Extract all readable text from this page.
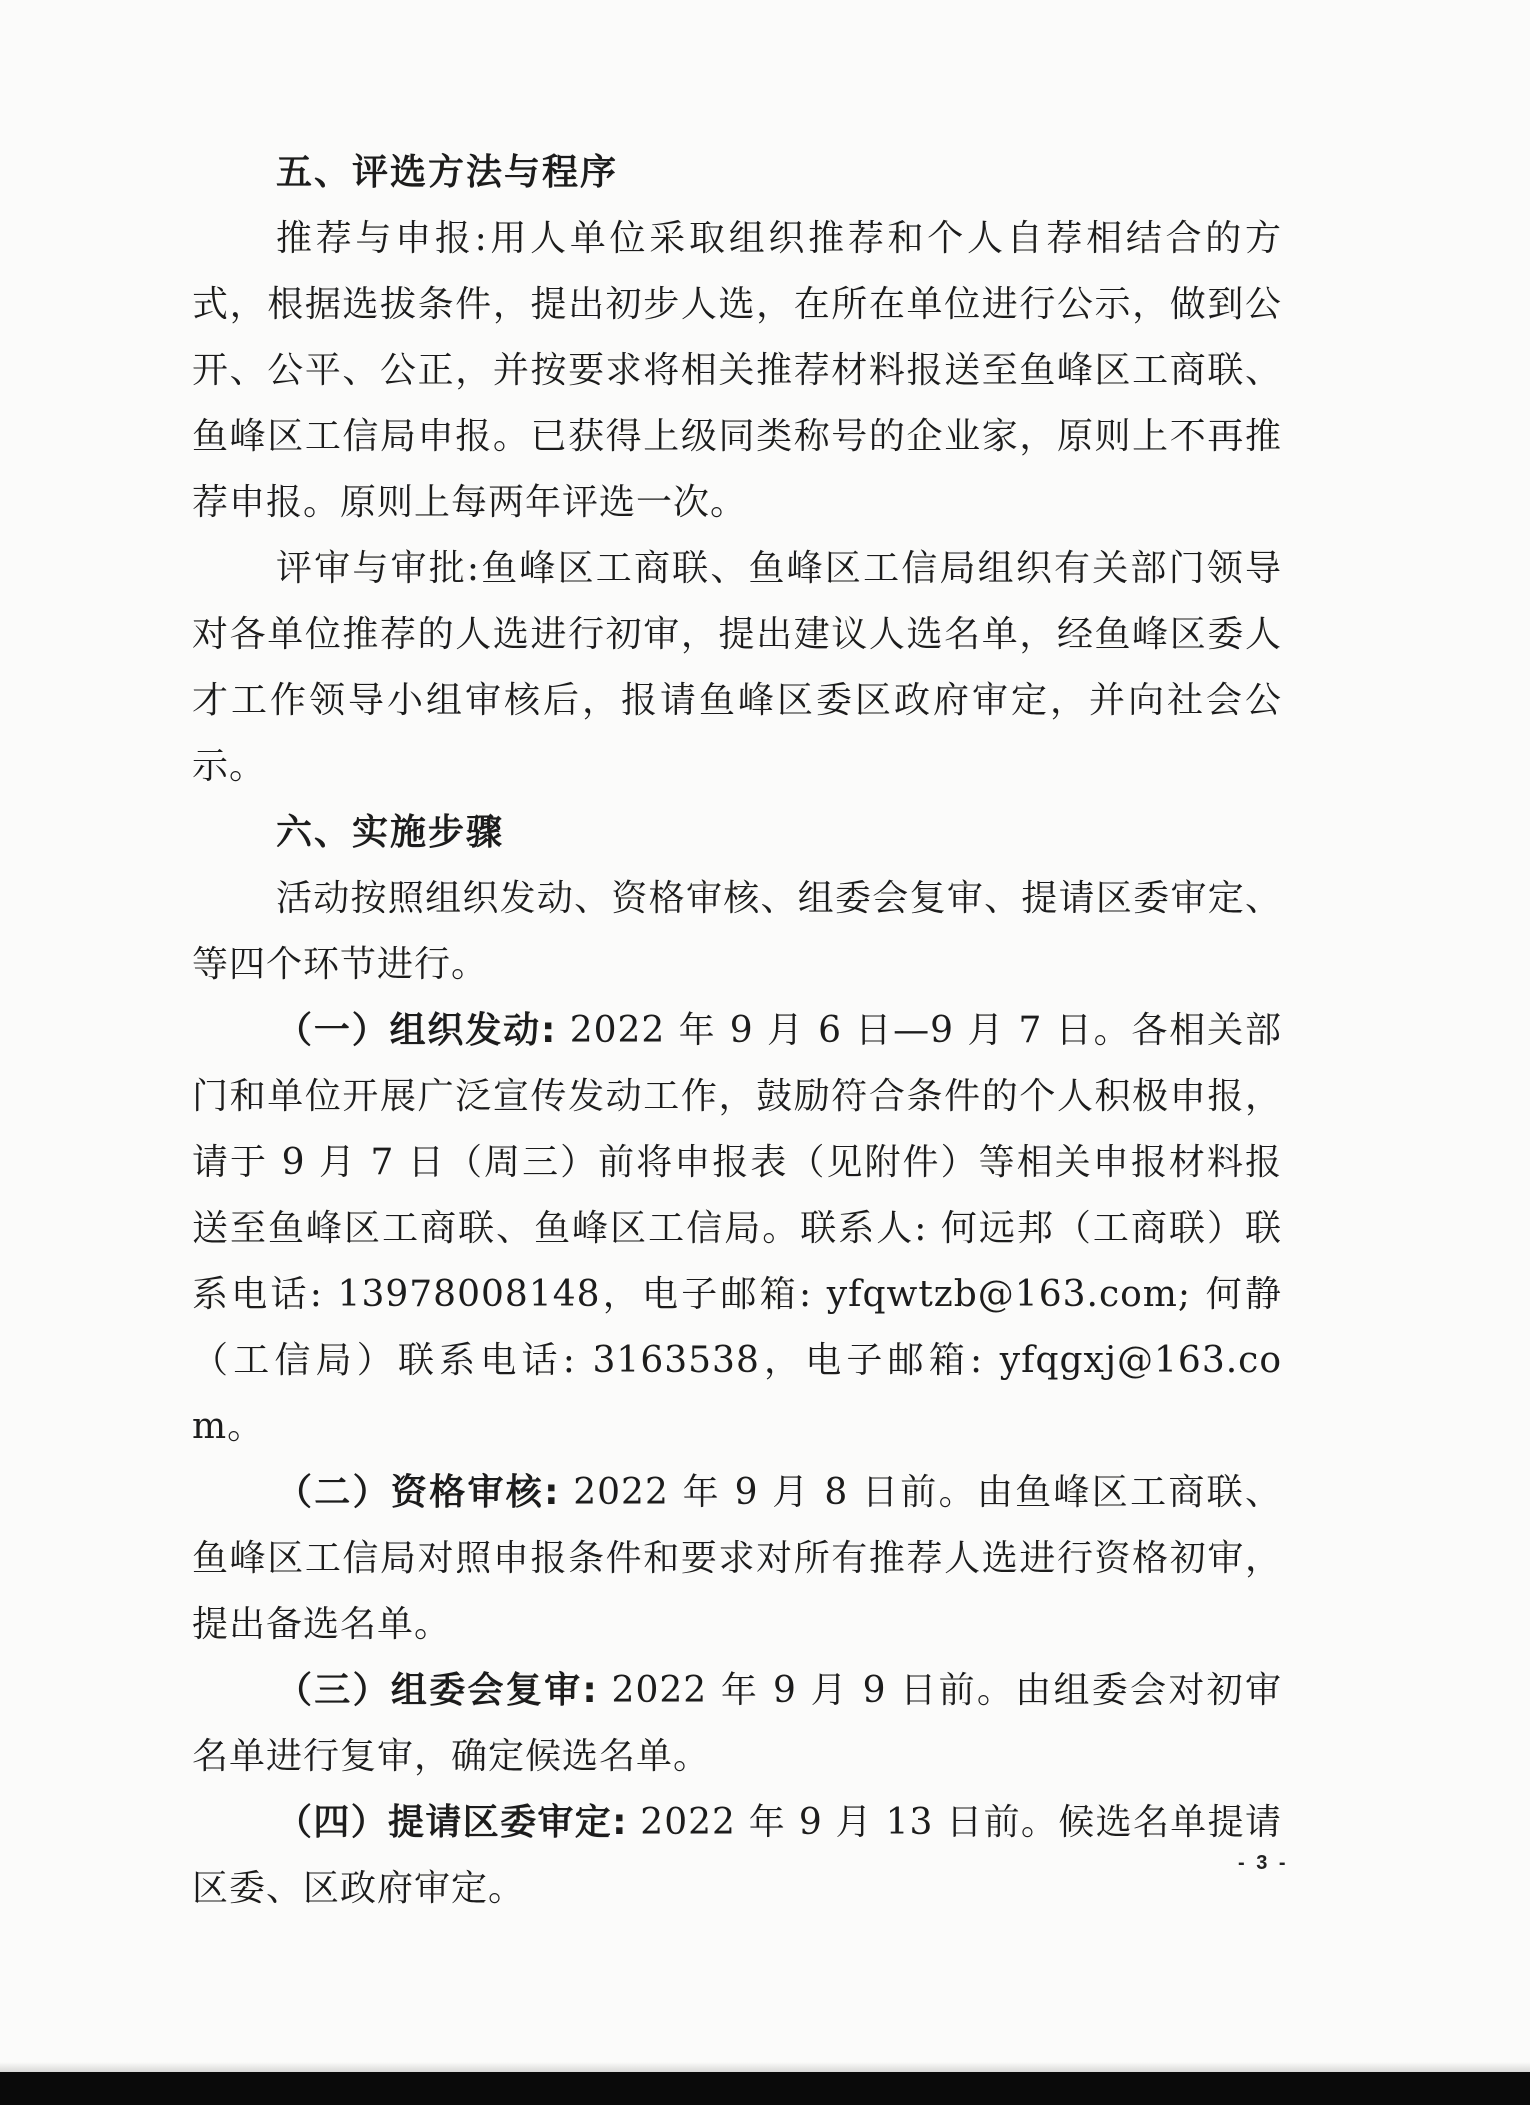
五、评选方法与程序

推荐与申报:用人单位采取组织推荐和个人自荐相结合的方式，根据选拔条件，提出初步人选，在所在单位进行公示，做到公开、公平、公正，并按要求将相关推荐材料报送至鱼峰区工商联、鱼峰区工信局申报。已获得上级同类称号的企业家，原则上不再推荐申报。原则上每两年评选一次。

评审与审批:鱼峰区工商联、鱼峰区工信局组织有关部门领导对各单位推荐的人选进行初审，提出建议人选名单，经鱼峰区委人才工作领导小组审核后，报请鱼峰区委区政府审定，并向社会公示。

六、实施步骤

活动按照组织发动、资格审核、组委会复审、提请区委审定、等四个环节进行。

（一）组织发动: 2022 年 9 月 6 日—9 月 7 日。各相关部门和单位开展广泛宣传发动工作，鼓励符合条件的个人积极申报，请于 9 月 7 日（周三）前将申报表（见附件）等相关申报材料报送至鱼峰区工商联、鱼峰区工信局。联系人: 何远邦（工商联）联系电话: 13978008148，电子邮箱: yfqwtzb@163.com; 何静（工信局）联系电话: 3163538，电子邮箱: yfqgxj@163.com。

（二）资格审核: 2022 年 9 月 8 日前。由鱼峰区工商联、鱼峰区工信局对照申报条件和要求对所有推荐人选进行资格初审，提出备选名单。

（三）组委会复审: 2022 年 9 月 9 日前。由组委会对初审名单进行复审，确定候选名单。

（四）提请区委审定: 2022 年 9 月 13 日前。候选名单提请区委、区政府审定。

- 3 -
